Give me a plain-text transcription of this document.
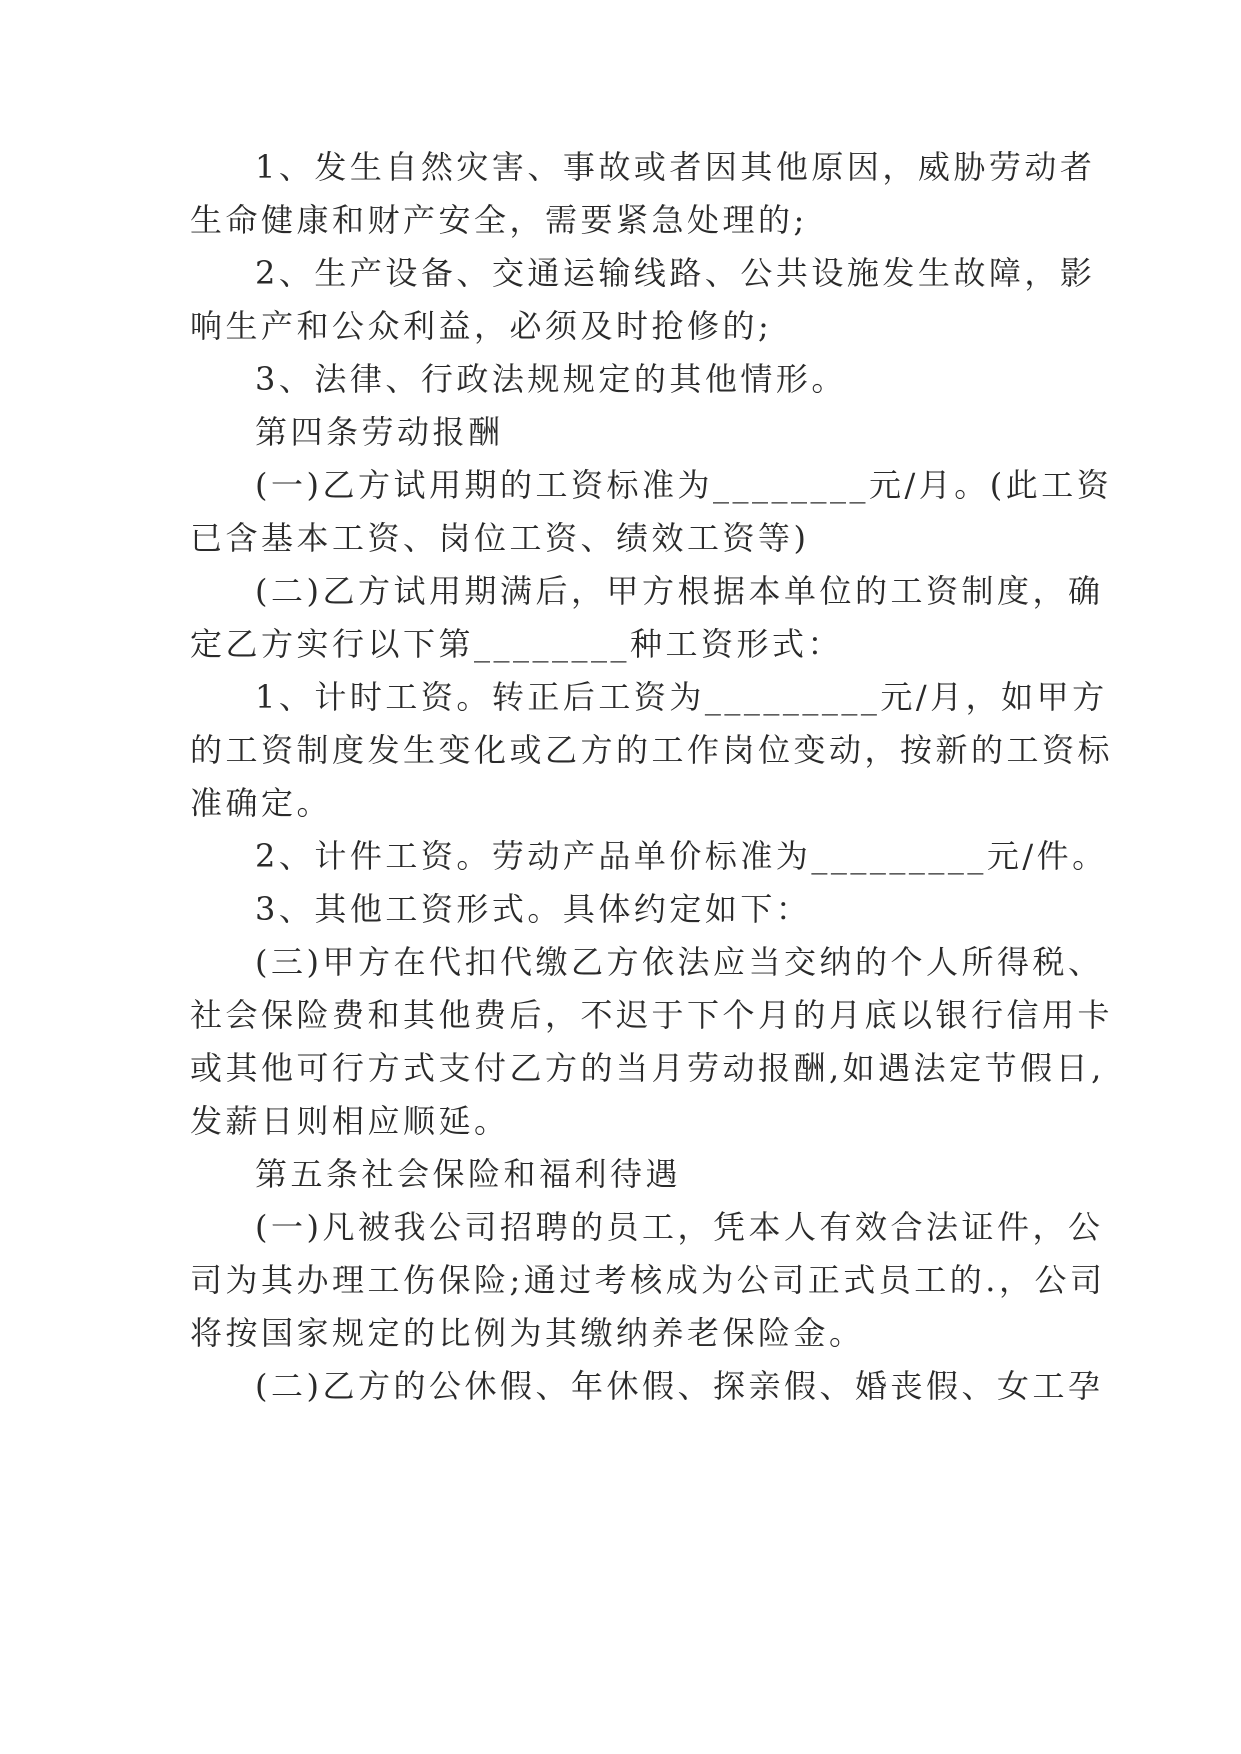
1、发生自然灾害、事故或者因其他原因，威胁劳动者
生命健康和财产安全，需要紧急处理的;
2、生产设备、交通运输线路、公共设施发生故障，影
响生产和公众利益，必须及时抢修的;
3、法律、行政法规规定的其他情形。
第四条劳动报酬
(一)乙方试用期的工资标准为________元/月。(此工资
已含基本工资、岗位工资、绩效工资等)
(二)乙方试用期满后，甲方根据本单位的工资制度，确
定乙方实行以下第________种工资形式：
1、计时工资。转正后工资为_________元/月，如甲方
的工资制度发生变化或乙方的工作岗位变动，按新的工资标
准确定。
2、计件工资。劳动产品单价标准为_________元/件。
3、其他工资形式。具体约定如下：
(三)甲方在代扣代缴乙方依法应当交纳的个人所得税、
社会保险费和其他费后，不迟于下个月的月底以银行信用卡
或其他可行方式支付乙方的当月劳动报酬,如遇法定节假日,
发薪日则相应顺延。
第五条社会保险和福利待遇
(一)凡被我公司招聘的员工，凭本人有效合法证件，公
司为其办理工伤保险;通过考核成为公司正式员工的.，公司
将按国家规定的比例为其缴纳养老保险金。
(二)乙方的公休假、年休假、探亲假、婚丧假、女工孕
